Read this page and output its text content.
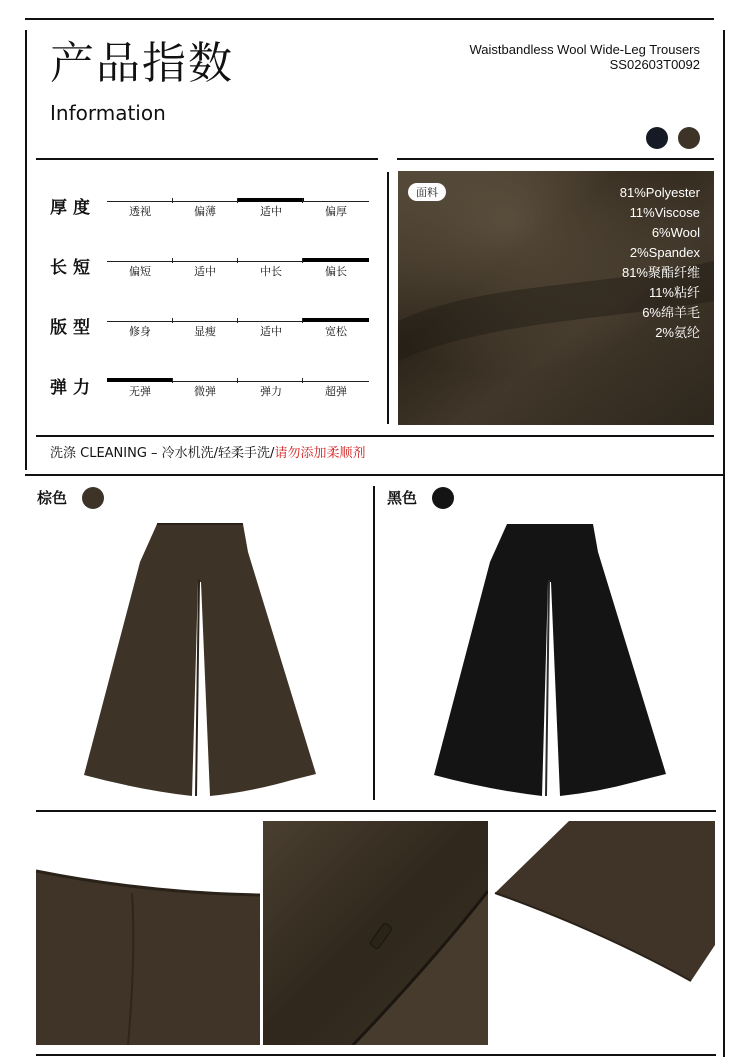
产品指数
Information
Waistbandless Wool Wide-Leg Trousers
SS02603T0092
厚度	透视	偏薄	适中	偏厚
长短	偏短	适中	中长	偏长
版型	修身	显瘦	适中	宽松
弹力	无弹	微弹	弹力	超弹
面料	81%Polyester
11%Viscose
6%Wool
2%Spandex
81%聚酯纤维
11%粘纤
6%绵羊毛
2%氨纶
洗涤 CLEANING – 冷水机洗/轻柔手洗/请勿添加柔顺剂
棕色	黑色
